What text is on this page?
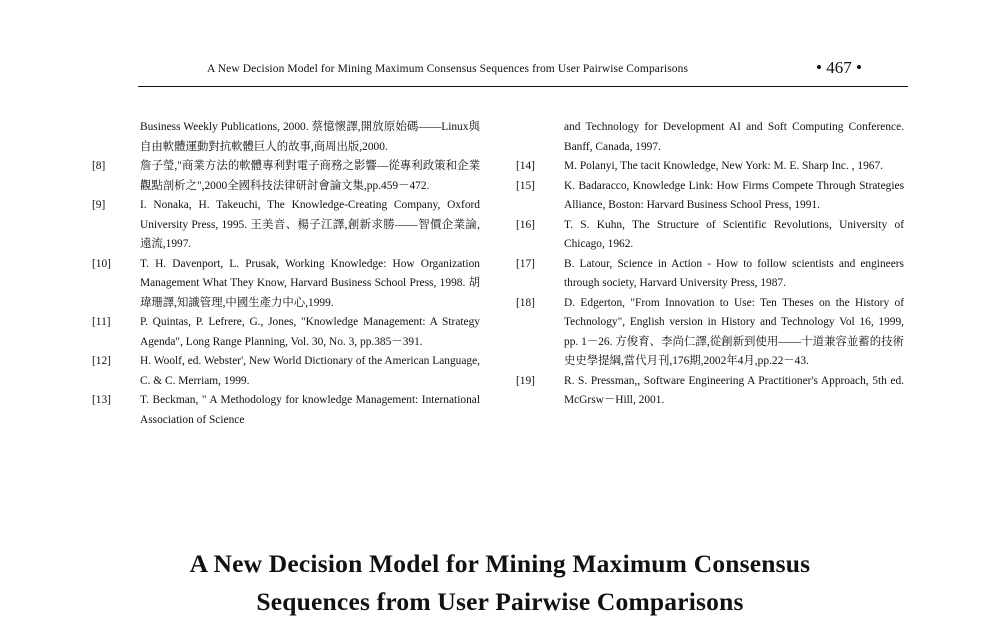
A New Decision Model for Mining Maximum Consensus Sequences from User Pairwise Comparisons	• 467 •
Business Weekly Publications, 2000. 蔡憶懷譯,開放原始碼——Linux與自由軟體運動對抗軟體巨人的故事,商周出版,2000.
[8]	詹子瑩,"商業方法的軟體專利對電子商務之影響—從專利政策和企業觀點剖析之",2000全國科技法律研討會論文集,pp.459－472.
[9]	I. Nonaka, H. Takeuchi, The Knowledge-Creating Company, Oxford University Press, 1995. 王美音、楊子江譯,創新求勝——智價企業論,遠流,1997.
[10]	T. H. Davenport, L. Prusak, Working Knowledge: How Organization Management What They Know, Harvard Business School Press, 1998. 胡瑋珊譯,知識管理,中國生產力中心,1999.
[11]	P. Quintas, P. Lefrere, G., Jones, "Knowledge Management: A Strategy Agenda", Long Range Planning, Vol. 30, No. 3, pp.385－391.
[12]	H. Woolf, ed. Webster', New World Dictionary of the American Language, C. & C. Merriam, 1999.
[13]	T. Beckman, " A Methodology for knowledge Management: International Association of Science
and Technology for Development AI and Soft Computing Conference. Banff, Canada, 1997.
[14]	M. Polanyi, The tacit Knowledge, New York: M. E. Sharp Inc. , 1967.
[15]	K. Badaracco, Knowledge Link: How Firms Compete Through Strategies Alliance, Boston: Harvard Business School Press, 1991.
[16]	T. S. Kuhn, The Structure of Scientific Revolutions, University of Chicago, 1962.
[17]	B. Latour, Science in Action - How to follow scientists and engineers through society, Harvard University Press, 1987.
[18]	D. Edgerton, "From Innovation to Use: Ten Theses on the History of Technology", English version in History and Technology Vol 16, 1999, pp. 1－26. 方俊育、李尚仁譯,從創新到使用——十道兼容並蓄的技術史史學提綱,當代月刊,176期,2002年4月,pp.22－43.
[19]	R. S. Pressman,, Software Engineering A Practitioner's Approach, 5th ed. McGrsw－Hill, 2001.
A New Decision Model for Mining Maximum Consensus
Sequences from User Pairwise Comparisons
